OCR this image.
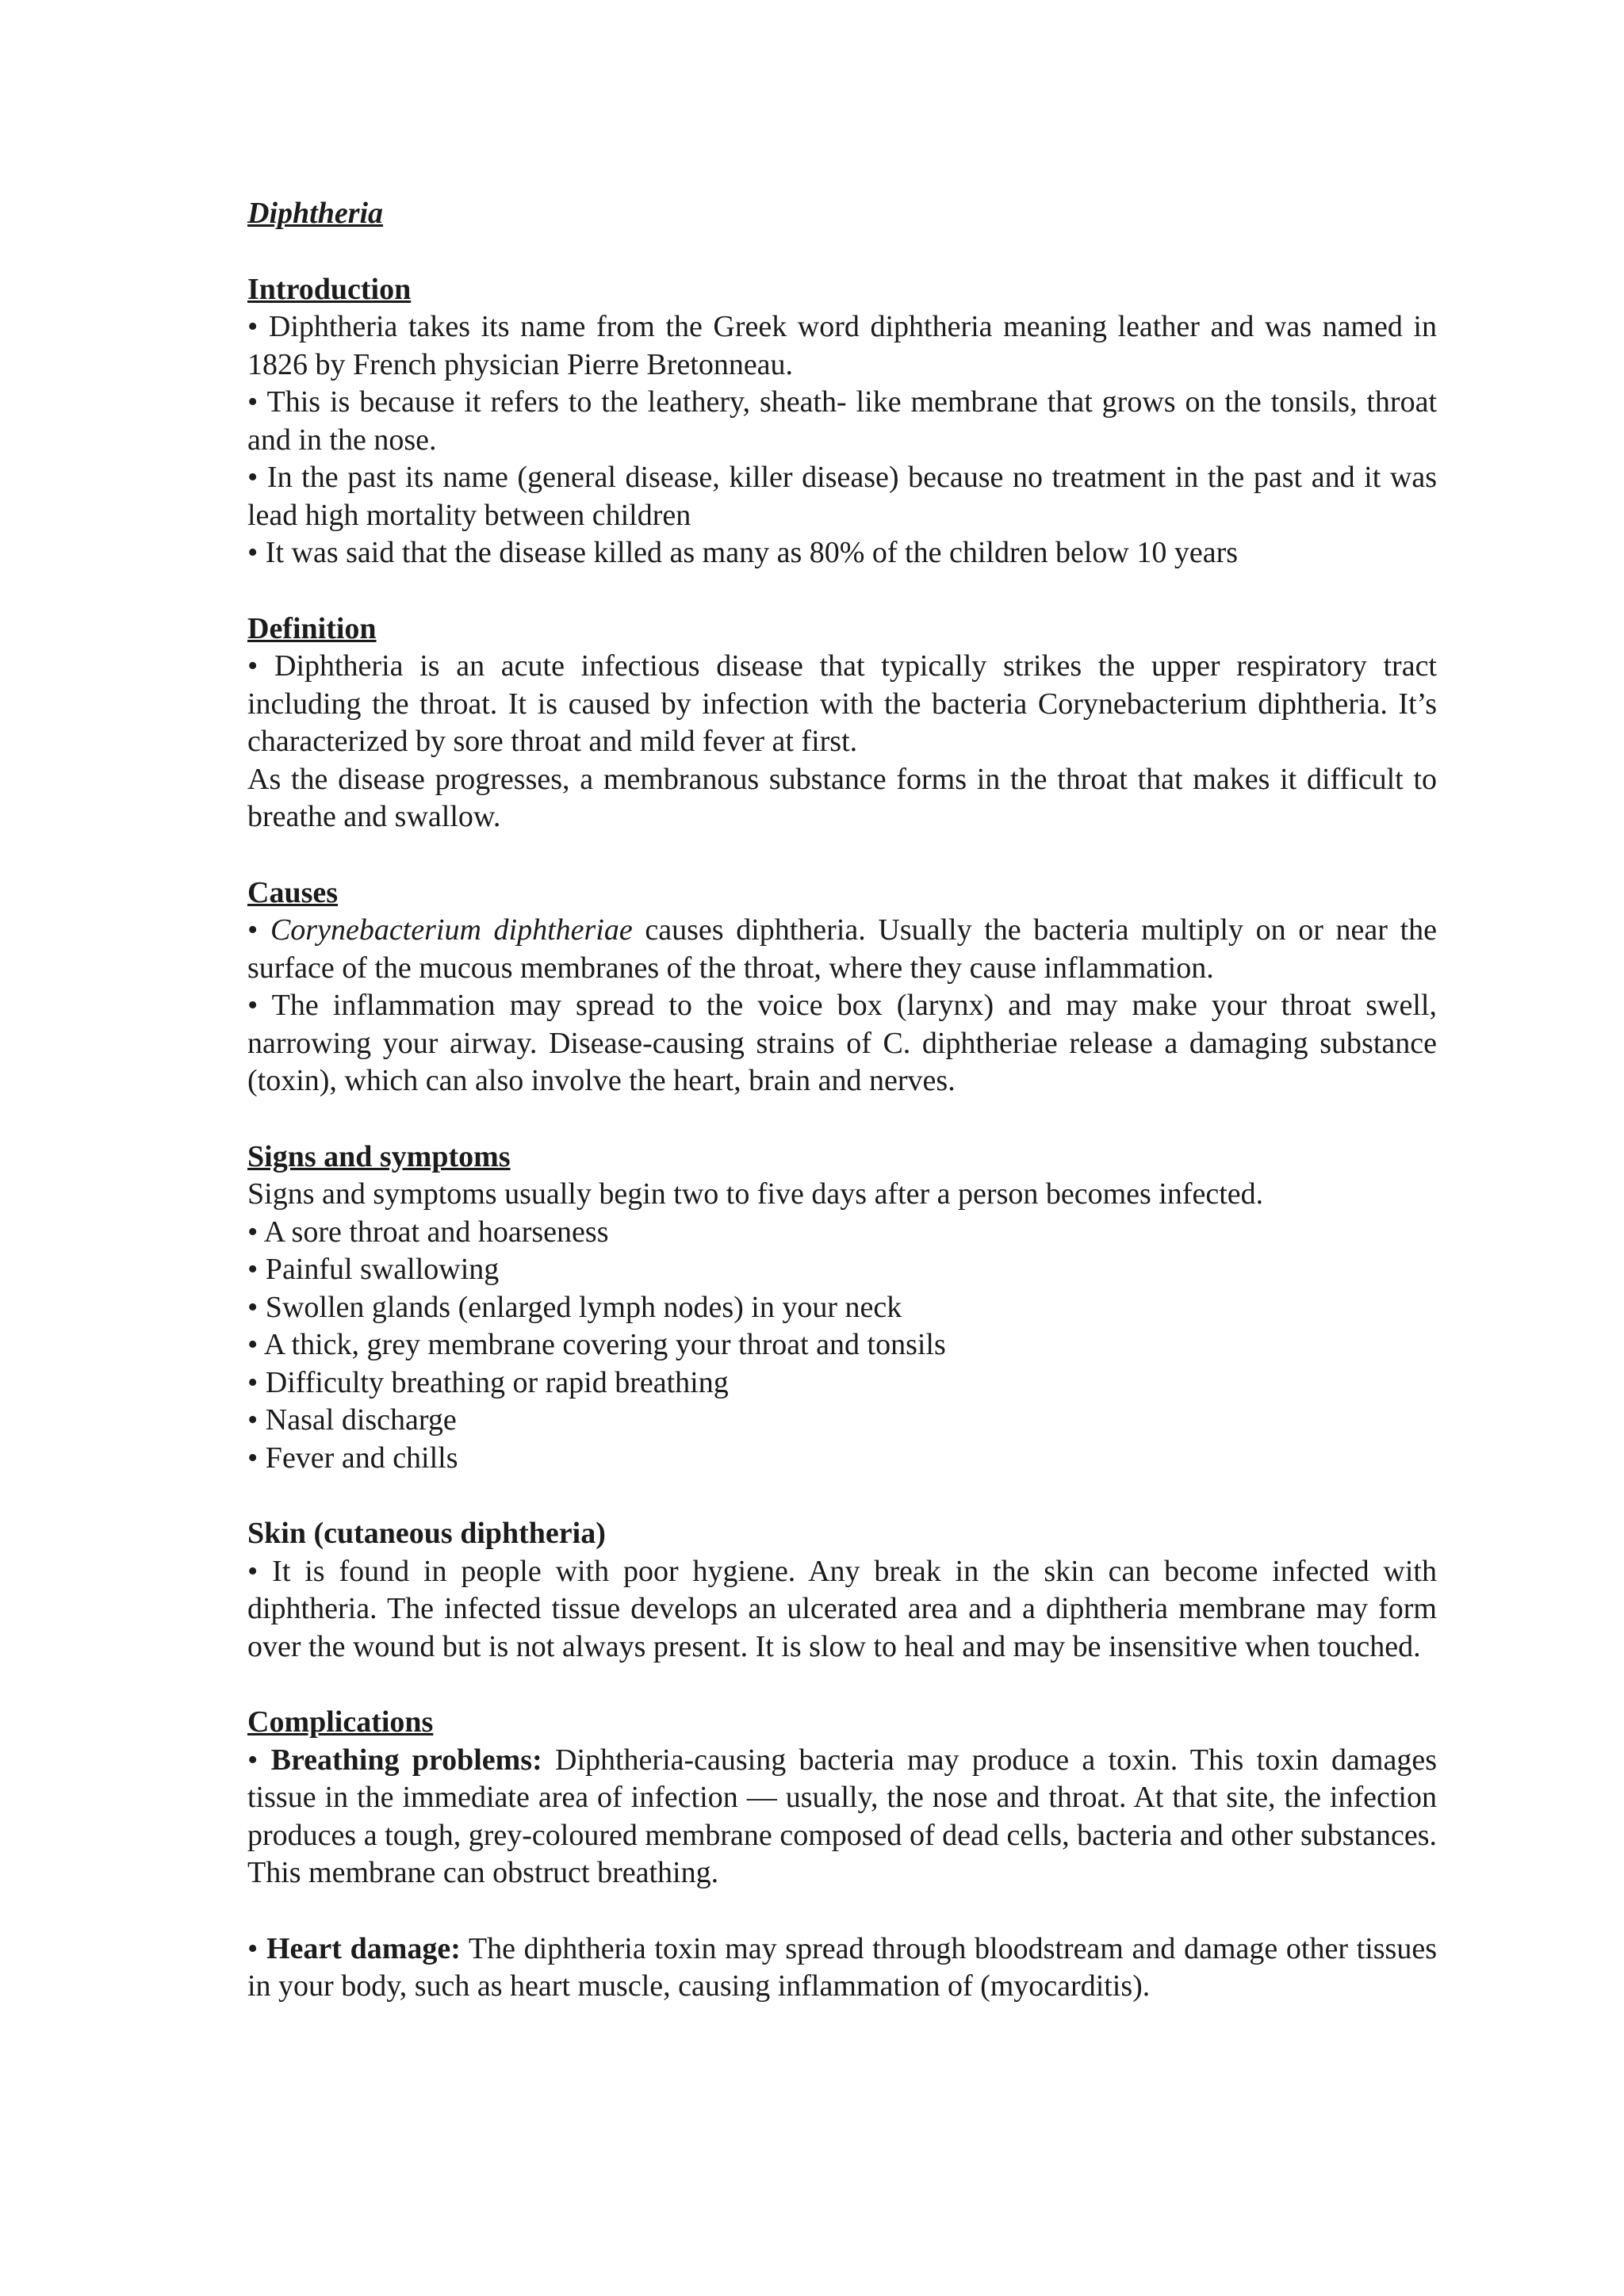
Diphtheria
Introduction

• Diphtheria takes its name from the Greek word diphtheria meaning leather and was named in 1826 by French physician Pierre Bretonneau.

• This is because it refers to the leathery, sheath- like membrane that grows on the tonsils, throat and in the nose.

• In the past its name (general disease, killer disease) because no treatment in the past and it was lead high mortality between children

• It was said that the disease killed as many as 80% of the children below 10 years

Definition

• Diphtheria is an acute infectious disease that typically strikes the upper respiratory tract including the throat. It is caused by infection with the bacteria Corynebacterium diphtheria. It’s characterized by sore throat and mild fever at first.

As the disease progresses, a membranous substance forms in the throat that makes it difficult to breathe and swallow.

Causes

• Corynebacterium diphtheriae causes diphtheria. Usually the bacteria multiply on or near the surface of the mucous membranes of the throat, where they cause inflammation.

• The inflammation may spread to the voice box (larynx) and may make your throat swell, narrowing your airway. Disease-causing strains of C. diphtheriae release a damaging substance (toxin), which can also involve the heart, brain and nerves.

Signs and symptoms

Signs and symptoms usually begin two to five days after a person becomes infected.

• A sore throat and hoarseness

• Painful swallowing

• Swollen glands (enlarged lymph nodes) in your neck

• A thick, grey membrane covering your throat and tonsils

• Difficulty breathing or rapid breathing

• Nasal discharge

• Fever and chills

Skin (cutaneous diphtheria)

• It is found in people with poor hygiene. Any break in the skin can become infected with diphtheria. The infected tissue develops an ulcerated area and a diphtheria membrane may form over the wound but is not always present. It is slow to heal and may be insensitive when touched.

Complications

• Breathing problems: Diphtheria-causing bacteria may produce a toxin. This toxin damages tissue in the immediate area of infection — usually, the nose and throat. At that site, the infection produces a tough, grey-coloured membrane composed of dead cells, bacteria and other substances. This membrane can obstruct breathing.

• Heart damage: The diphtheria toxin may spread through bloodstream and damage other tissues in your body, such as heart muscle, causing inflammation of (myocarditis).
